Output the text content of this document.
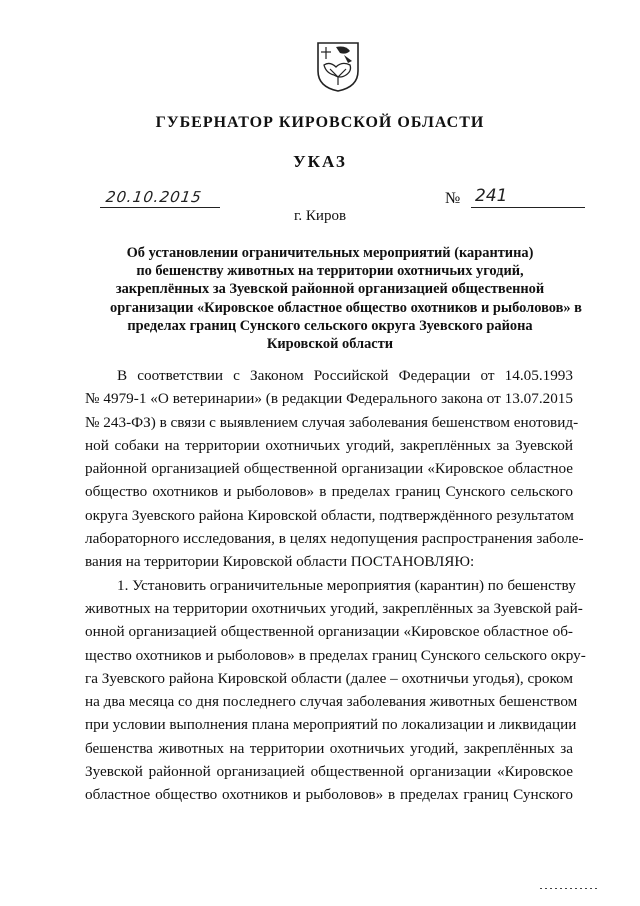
ГУБЕРНАТОР КИРОВСКОЙ ОБЛАСТИ
УКАЗ
20.10.2015	№ 241
г. Киров
Об установлении ограничительных мероприятий (карантина)
по бешенству животных на территории охотничьих угодий,
закреплённых за Зуевской районной организацией общественной
организации «Кировское областное общество охотников и рыболовов» в
пределах границ Сунского сельского округа Зуевского района
Кировской области
В соответствии с Законом Российской Федерации от 14.05.1993
№ 4979-1 «О ветеринарии» (в редакции Федерального закона от 13.07.2015
№ 243-ФЗ) в связи с выявлением случая заболевания бешенством енотовид-
ной собаки на территории охотничьих угодий, закреплённых за Зуевской
районной организацией общественной организации «Кировское областное
общество охотников и рыболовов» в пределах границ Сунского сельского
округа Зуевского района Кировской области, подтверждённого результатом
лабораторного исследования, в целях недопущения распространения заболе-
вания на территории Кировской области ПОСТАНОВЛЯЮ:
1. Установить ограничительные мероприятия (карантин) по бешенству
животных на территории охотничьих угодий, закреплённых за Зуевской рай-
онной организацией общественной организации «Кировское областное об-
щество охотников и рыболовов» в пределах границ Сунского сельского окру-
га Зуевского района Кировской области (далее – охотничьи угодья), сроком
на два месяца со дня последнего случая заболевания животных бешенством
при условии выполнения плана мероприятий по локализации и ликвидации
бешенства животных на территории охотничьих угодий, закреплённых за
Зуевской районной организацией общественной организации «Кировское
областное общество охотников и рыболовов» в пределах границ Сунского
